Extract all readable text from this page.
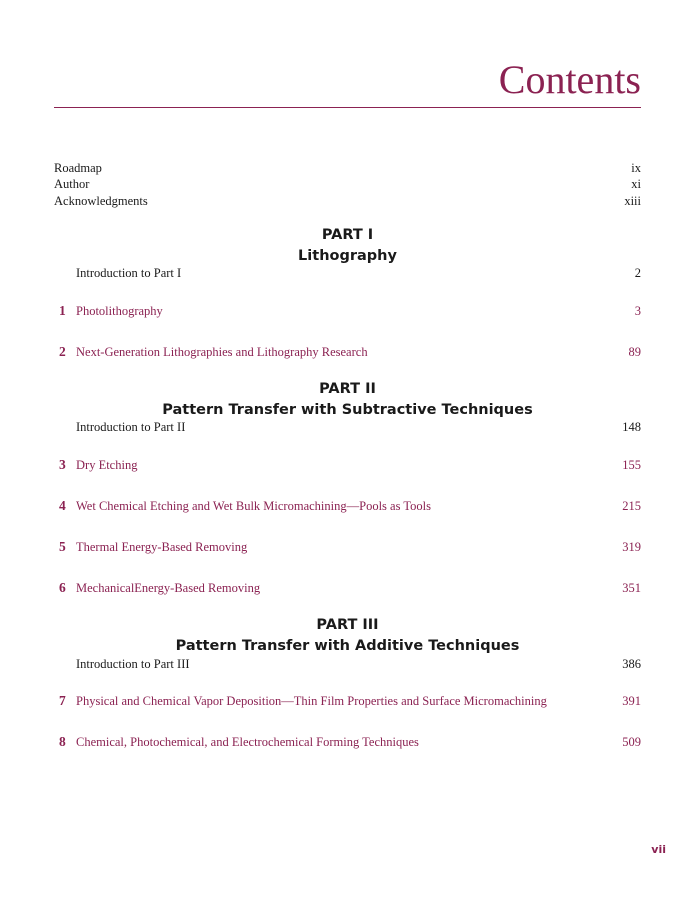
Contents
Roadmap	ix
Author	xi
Acknowledgments	xiii
PART I
Lithography
Introduction to Part I	2
1 Photolithography	3
2 Next-Generation Lithographies and Lithography Research	89
PART II
Pattern Transfer with Subtractive Techniques
Introduction to Part II	148
3 Dry Etching	155
4 Wet Chemical Etching and Wet Bulk Micromachining—Pools as Tools	215
5 Thermal Energy-Based Removing	319
6 MechanicalEnergy-Based Removing	351
PART III
Pattern Transfer with Additive Techniques
Introduction to Part III	386
7 Physical and Chemical Vapor Deposition—Thin Film Properties and Surface Micromachining	391
8 Chemical, Photochemical, and Electrochemical Forming Techniques	509
vii
